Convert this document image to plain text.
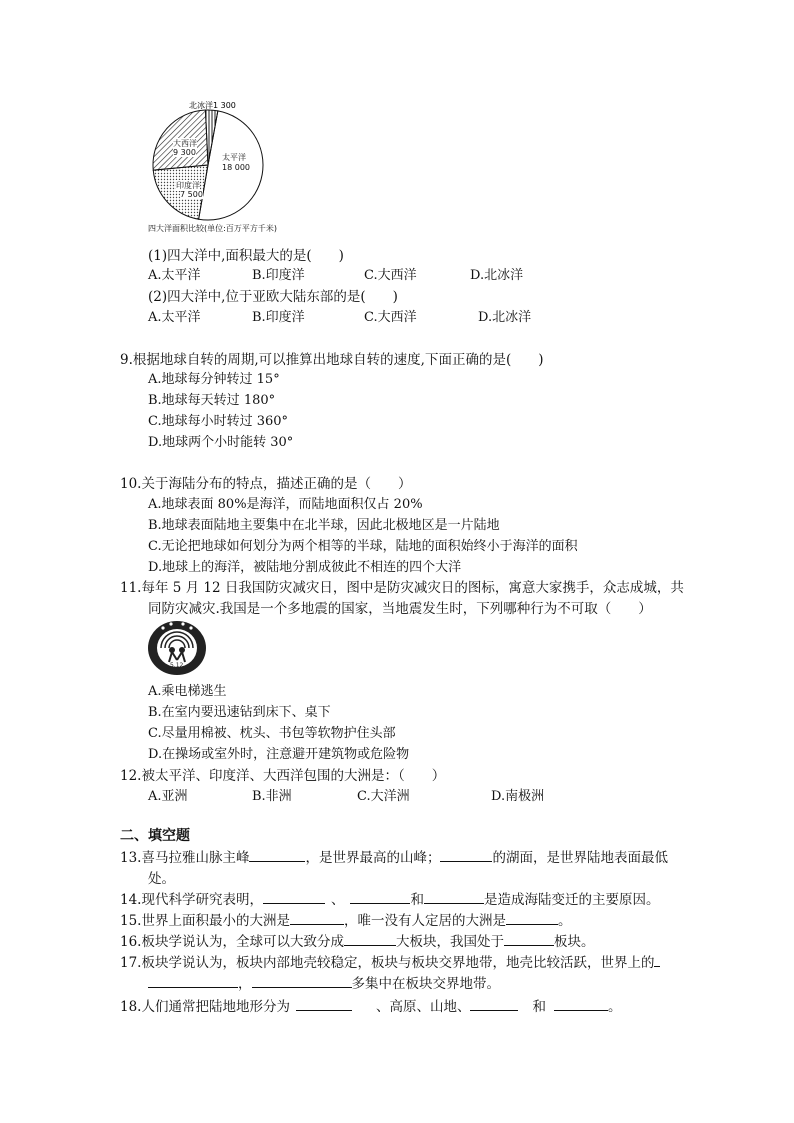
北冰洋1 300
太平洋
18 000
大西洋
9 300
印度洋
7 500
四大洋面积比较(单位:百万平方千米)
(1)四大洋中,面积最大的是(　　)
A.太平洋	B.印度洋	C.大西洋	D.北冰洋
(2)四大洋中,位于亚欧大陆东部的是(　　)
A.太平洋	B.印度洋	C.大西洋	D.北冰洋
9.根据地球自转的周期,可以推算出地球自转的速度,下面正确的是(　　)
A.地球每分钟转过 15°
B.地球每天转过 180°
C.地球每小时转过 360°
D.地球两个小时能转 30°
10.关于海陆分布的特点，描述正确的是（　　）
A.地球表面 80%是海洋，而陆地面积仅占 20%
B.地球表面陆地主要集中在北半球，因此北极地区是一片陆地
C.无论把地球如何划分为两个相等的半球，陆地的面积始终小于海洋的面积
D.地球上的海洋，被陆地分割成彼此不相连的四个大洋
11.每年 5 月 12 日我国防灾减灾日，图中是防灾减灾日的图标，寓意大家携手，众志成城，共
同防灾减灾.我国是一个多地震的国家，当地震发生时，下列哪种行为不可取（　　）
5.12
A.乘电梯逃生
B.在室内要迅速钻到床下、桌下
C.尽量用棉被、枕头、书包等软物护住头部
D.在操场或室外时，注意避开建筑物或危险物
12.被太平洋、印度洋、大西洋包围的大洲是：（　　）
A.亚洲	B.非洲	C.大洋洲	D.南极洲
二、填空题
13.喜马拉雅山脉主峰	，是世界最高的山峰；	的湖面，是世界陆地表面最低
处。
14.现代科学研究表明，	、	和	是造成海陆变迁的主要原因。
15.世界上面积最小的大洲是	，唯一没有人定居的大洲是	。
16.板块学说认为，全球可以大致分成	大板块，我国处于	板块。
17.板块学说认为，板块内部地壳较稳定，板块与板块交界地带，地壳比较活跃，世界上的
，	多集中在板块交界地带。
18.人们通常把陆地地形分为	、高原、山地、	和	。
